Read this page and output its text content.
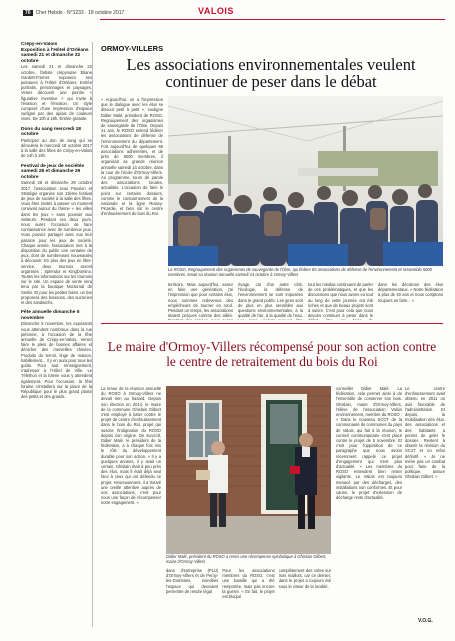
70	Cher Hebdo · N°1233 · 18 octobre 2017	VALOIS
Crépy-en-Valois
Exposition à l'Hôtel d'Orléans samedi 21 et dimanche 22 octobre
Les samedi 21 et dimanche 22 octobre, l'artiste crépynoise Eliane Gardett-Fremet exposera ses peintures à l'Hôtel d'Orléans. Entrée portraits, personnages et paysages. Venez découvrir une peintre « figurative inventive » qui invite à l'évasion et l'émotion. Un style composé d'une impression d'espace surligné par des apiais de couleurs vives. De 10h à 18h. Entrée gratuite.
Dons du sang mercredi 18 octobre
Participez au don de sang qui se déroulera le mercredi 18 octobre 2017 à la salle des fêtes de Crépy-en-Valois de 14h à 19h.
Festival de jeux de sociétés samedi 28 et dimanche 29 octobre
Samedi 28 et dimanche 29 octobre 2017, l'association Jeux Passion et Stratégie organise son 13ème festival de jeux de société à la salle des fêtes. Vous êtes invités à passer un moment convivial autour du thème « les villes dans les jeux » sans pousser aux visiteurs. Pendant ces deux jours, nous aurez l'occasion de faire connaissance avec de nombreux jeux. Vous pouvez partager avec eux leur passion pour les jeux de société. Chaque année, l'association met à la disposition du public une centaine de jeux, dont de nombreuses nouveautés à découvrir. En plus des jeux en libre-service, deux tournois seront organisés : Splendor et KingDomino. Toutes les informations sur les tournois sur le site. Un espace de vente sera tenu par la boutique Nocturnal de Senlis. Et pour les petites faims, un bar proposera des boissons, des sucreries et des sandwichs.
Fête annuelle dimanche 5 novembre
Dimanche 5 novembre, les exposants vous attendent nombreux dans la rue piétonne, à l'occasion de la fête annuelle de Crépy-en-Valois. Venez faire le plein de bonnes affaires et dénicher des merveilles chinées. Produits du terroir, linge de maison, habillement... Il y en aura pour tous les goûts. Pour tout renseignement, s'adresser à l'Hôtel de Ville. Le Téléthon et la loterie vous y attendent également. Pour l'occasion, la fête foraine s'installera sur la place de la République pour le plus grand plaisir des petits et des grands.
ORMOY-VILLERS
Les associations environnementales veulent continuer de peser dans le débat
« Aujourd'hui, on a l'impression que le dialogue avec les élus se dissout petit à petit », souligne Didier Malé, président de ROSO. Regroupement des organismes de sauvegarde de l'Oise. Depuis 41 ans, le ROSO entend fédérer les associations de défense de l'environnement du département. Fort aujourd'hui de quelques 65 associations adhérentes, et de près de 5000 membres, il organisait sa grande réunion annuelle samedi 14 octobre, dans la cour de l'école d'Ormoy-Villers. Au programme, tours de parole des associations locales, actualités. L'occasion de faire le point sur certains dossiers, comme le contournement de la nationale et la ligne Roissy-Picardie, et bien sûr le centre d'enfouissement du bois du Roi.
Le ROSO, Regroupement des organismes de sauvegarde de l'Oise, qui fédère 65 associations de défense de l'environnement et rassemble 5000 membres, tenait sa réunion annuelle samedi 14 octobre à Ormoy-Villers
territoire. Mais aujourd'hui, assez en faire une génération, j'ai l'impression que pour certains élus, nous sommes redevenus des empêcheurs de tourner en rond. Pendant un temps, les associations étaient perçues comme des alliés.
rivage, car d'un autre côté, l'écologie, la défense de l'environnement se sont imposées dans le grand public. Les gens sont de plus en plus sensibles aux questions environnementales, à la qualité de l'air, à la qualité de l'eau.
tout les médias continuent de parler de ces problématiques, et que les discussions que nous avons eu tout au long de cette journée ont été riches et que de beaux projets sont à suivre. C'est pour cela que nous devons continuer à peser dans le
dans les décisions des élus départementaux. « Notre fédération a plus de 40 ans et nous comptons toujours en faire... »
Le maire d'Ormoy-Villers récompensé pour son action contre le centre de retraitement du bois du Roi
La tenue de la réunion annuelle du ROSO à Ormoy-Villers ne devait rien au hasard. Depuis son élection en 2014, le maire de la commune Ghislain Gilbert s'est employé à lutter contre le projet de centre d'enfouissement dans le bois du Roi, projet qui suscite l'indignation du ROSO depuis son origine. De surcroît, Didier Malé, le président de la fédération, a à chaque fois mis le rôle du développement durable pour son action. « Il y a quelques années, il y avait un certain, Ghislain était à peu près des élus, mais il était déjà seul face à ceux qui ont défendu ce projet. Heureusement, il a trouvé une oreille attentive auprès de nos associations, c'est pour nous une façon de récompenser notre engagement. »
Didier Malé, président du ROSO a remis une récompense symbolique à Ghislain Gilbert, maire d'Ormoy-Villers
dans d'entreprise (PLU) d'Ormoy-Villers et de Peroy-les-Gombries, inondées l'espace qui devraient permettre de rendre légal
Pour les associations membres du ROSO, c'est une bataille qui a été remportée, mais pas encore la guerre. « En fait, le projet est bloqué
complètement des votes sur trois maillots, car ce dernier, dans le projet a toujours été sous le viseur de la localité.
conseiller Didier Malé. La fédération, cela permet ainsi à de l'ensemble de conserver son bois. Ghislain, maire d'Ormoy-Villers, l'élève de l'association Valois environnement, membre du ROSO : « Dans le nouveau SCOT de la communauté de communes du pays de Valois, qui fait à la réunion, le conseil communautaire s'est placé contre le projet de 5 novembre. Et c'est pour l'opposition de ce paragraphe que nous avons récemment rappelé ce projet d'engagement qui n'est plus d'actualité. » Les membres du ROSO entendent bien rester vigilants. Le Valois est toujours menacé par des décharges, des installations non conformes. Et pour cause, le projet d'extension de décharge reste d'actualité.
Le centre d'enfouissement avait obtenu en 2011 un avis favorable de l'administration. Et depuis, la mobilisation des élus, des associations et des habitants a permis de geler le dossier. Restent à obtenir la révision du SCoT et un refus définitif. « Je ne mène pas un combat pour faire de la politique, assure Ghislain Gilbert. »
V.O.G.
